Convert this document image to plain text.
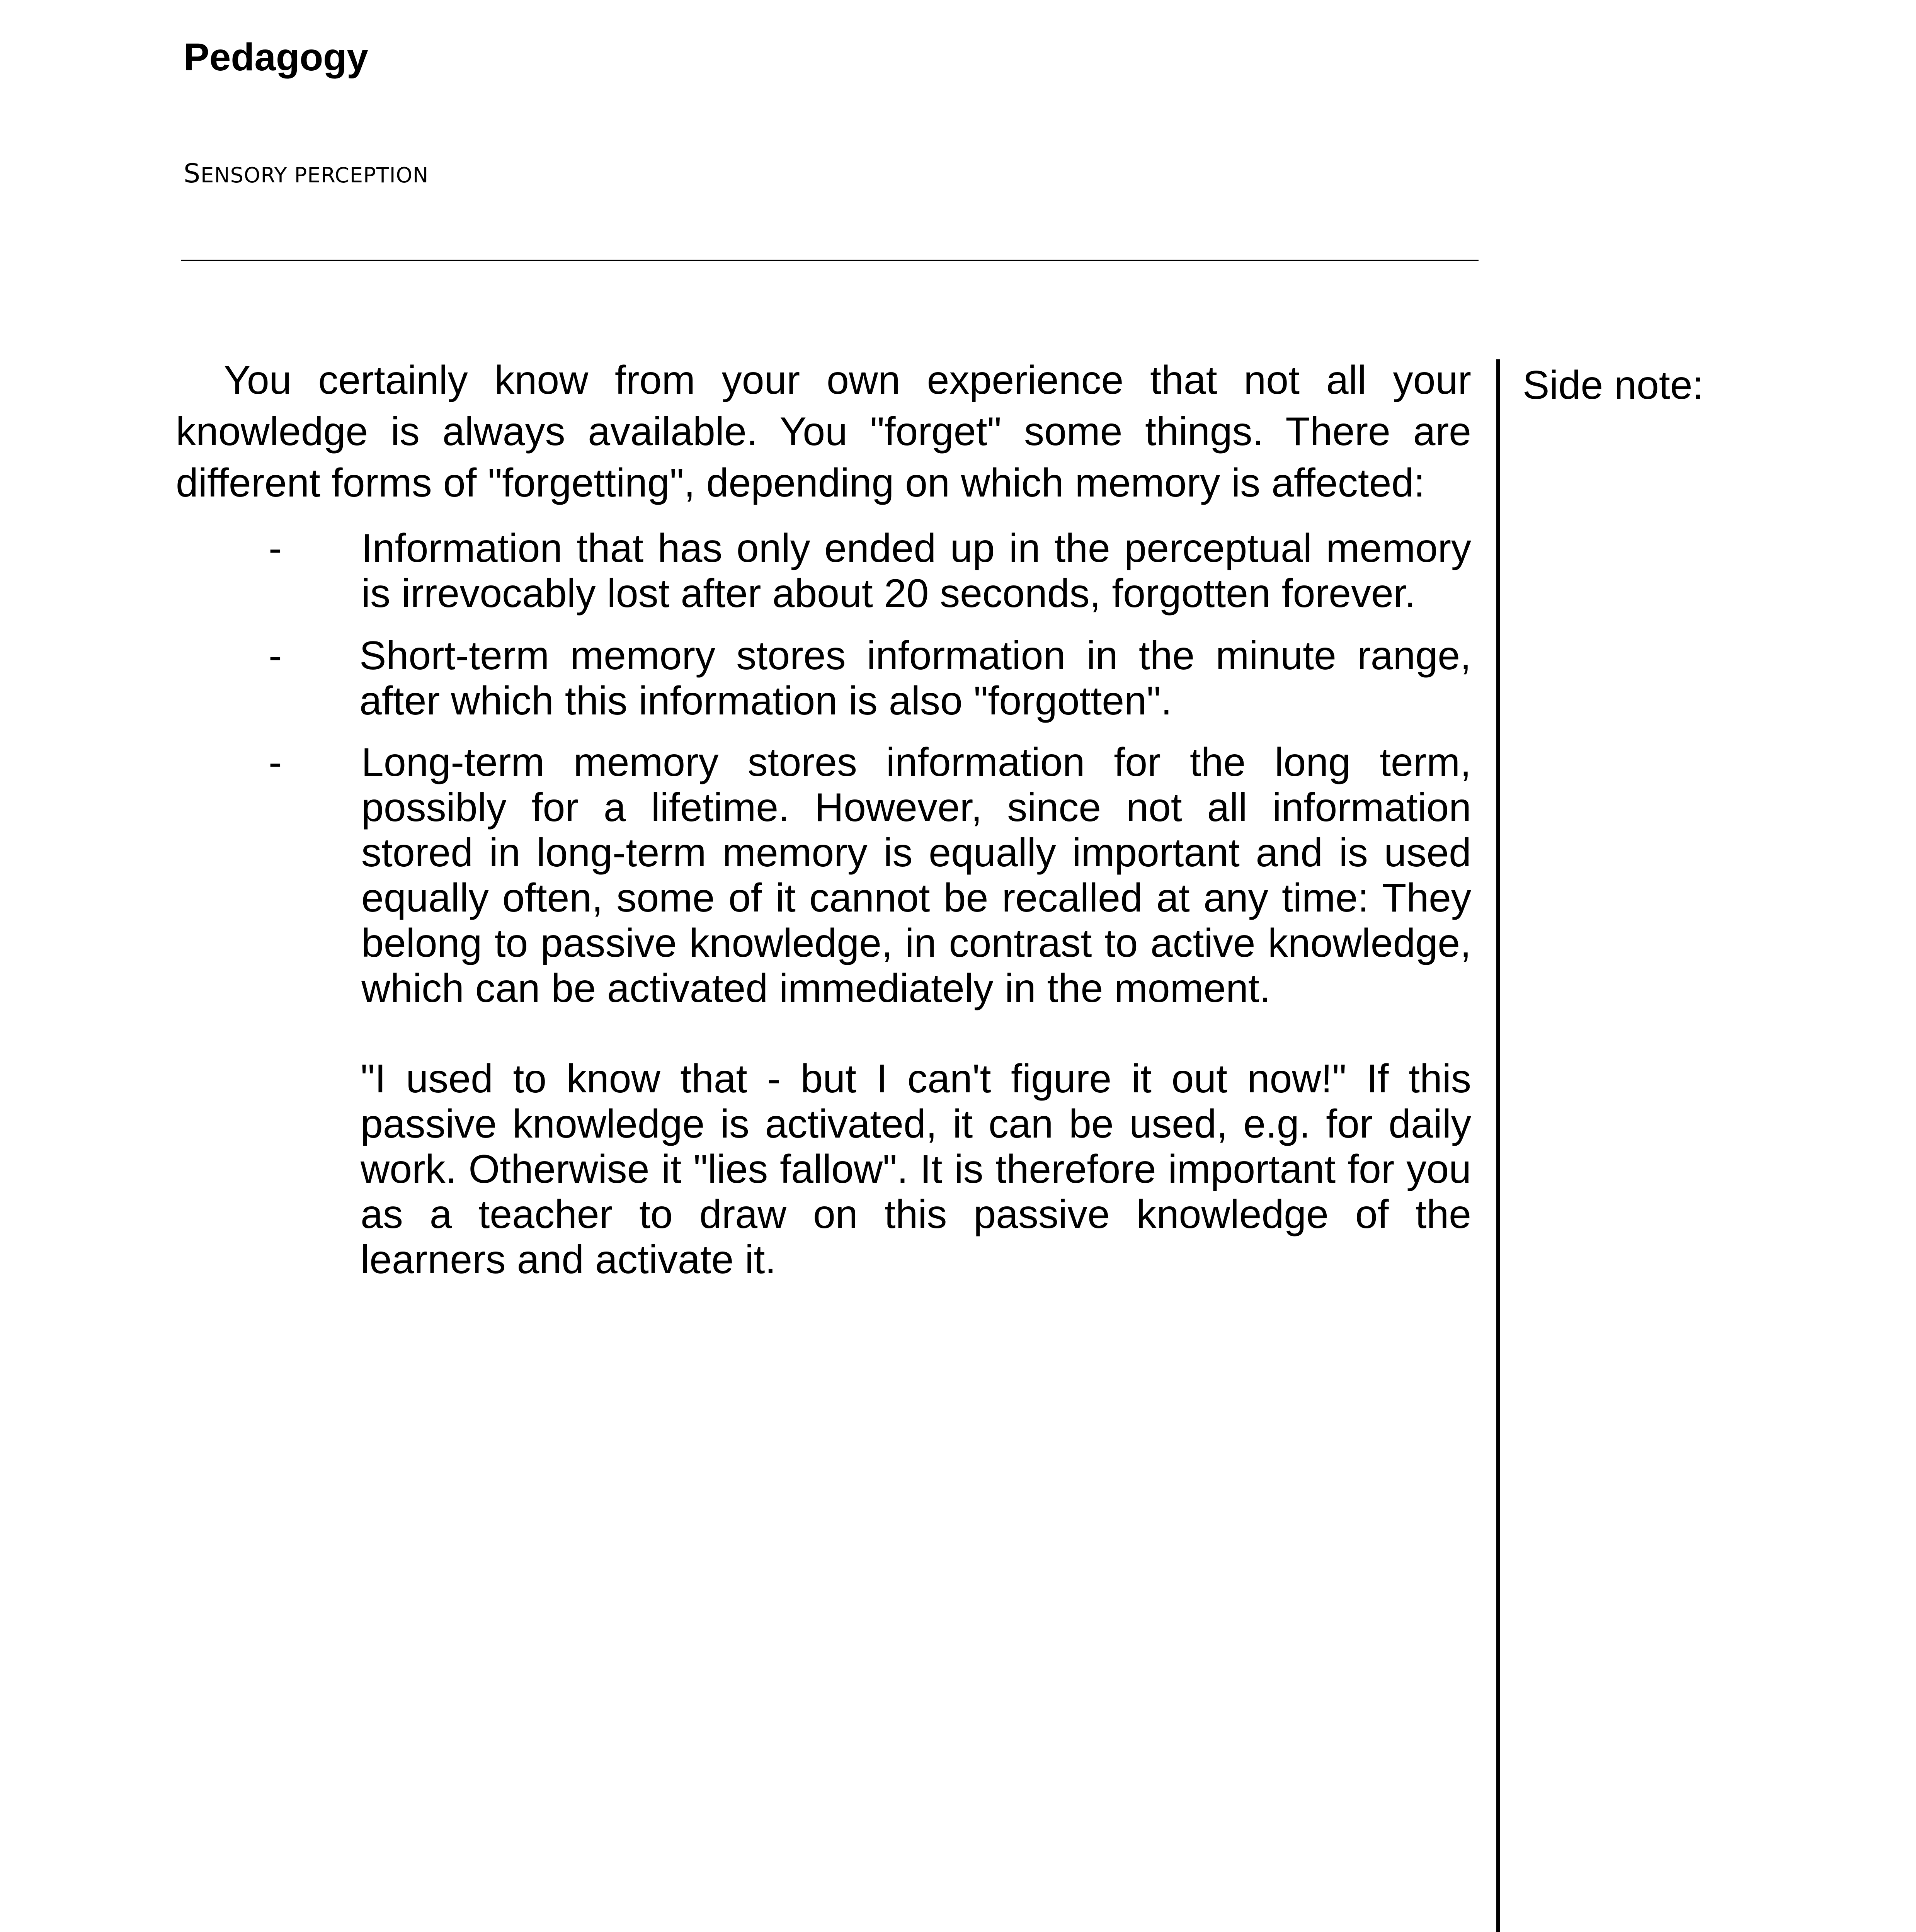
Pedagogy
SENSORY PERCEPTION
Side note:

You certainly know from your own experience that not all your knowledge is always available. You "forget" some things. There are different forms of "forgetting", depending on which memory is affected:

- Information that has only ended up in the perceptual memory is irrevocably lost after about 20 seconds, forgotten forever.
- Short-term memory stores information in the minute range, after which this information is also "forgotten".
- Long-term memory stores information for the long term, possibly for a lifetime. However, since not all information stored in long-term memory is equally important and is used equally often, some of it cannot be recalled at any time: They belong to passive knowledge, in contrast to active knowledge, which can be activated immediately in the moment.

"I used to know that - but I can't figure it out now!" If this passive knowledge is activated, it can be used, e.g. for daily work. Otherwise it "lies fallow". It is therefore important for you as a teacher to draw on this passive knowledge of the learners and activate it.
